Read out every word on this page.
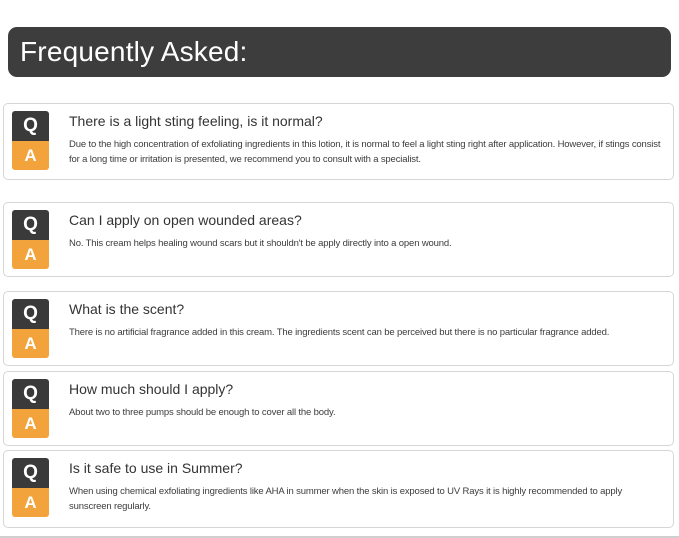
Frequently Asked:
Q
A
There is a light sting feeling, is it normal?
Due to the high concentration of exfoliating ingredients in this lotion, it is normal to feel a light sting right after application. However, if stings consist for a long time or irritation is presented, we recommend you to consult with a specialist.
Q
A
Can I apply on open wounded areas?
No. This cream helps healing wound scars but it shouldn't be apply directly into a open wound.
Q
A
What is the scent?
There is no artificial fragrance added in this cream. The ingredients scent can be perceived but there is no particular fragrance added.
Q
A
How much should I apply?
About two to three pumps should be enough to cover all the body.
Q
A
Is it safe to use in Summer?
When using chemical exfoliating ingredients like AHA in summer when the skin is exposed to UV Rays it is highly recommended to apply sunscreen regularly.
